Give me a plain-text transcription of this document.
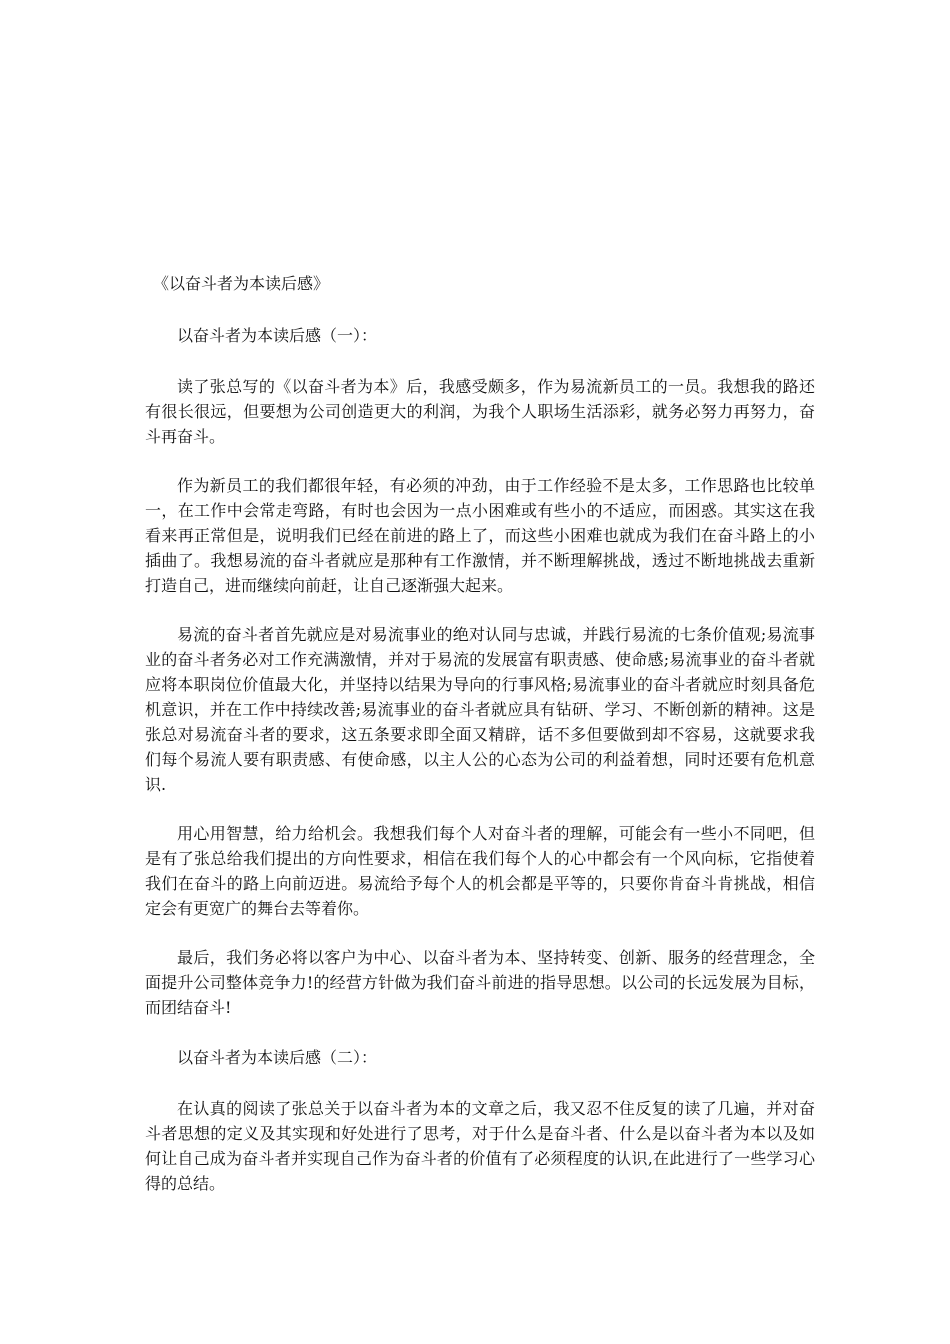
《以奋斗者为本读后感》

以奋斗者为本读后感（一）：

读了张总写的《以奋斗者为本》后，我感受颇多，作为易流新员工的一员。我想我的路还有很长很远，但要想为公司创造更大的利润，为我个人职场生活添彩，就务必努力再努力，奋斗再奋斗。

作为新员工的我们都很年轻，有必须的冲劲，由于工作经验不是太多，工作思路也比较单一，在工作中会常走弯路，有时也会因为一点小困难或有些小的不适应，而困惑。其实这在我看来再正常但是，说明我们已经在前进的路上了，而这些小困难也就成为我们在奋斗路上的小插曲了。我想易流的奋斗者就应是那种有工作激情，并不断理解挑战，透过不断地挑战去重新打造自己，进而继续向前赶，让自己逐渐强大起来。

易流的奋斗者首先就应是对易流事业的绝对认同与忠诚，并践行易流的七条价值观;易流事业的奋斗者务必对工作充满激情，并对于易流的发展富有职责感、使命感;易流事业的奋斗者就应将本职岗位价值最大化，并坚持以结果为导向的行事风格;易流事业的奋斗者就应时刻具备危机意识，并在工作中持续改善;易流事业的奋斗者就应具有钻研、学习、不断创新的精神。这是张总对易流奋斗者的要求，这五条要求即全面又精辟，话不多但要做到却不容易，这就要求我们每个易流人要有职责感、有使命感，以主人公的心态为公司的利益着想，同时还要有危机意识.

用心用智慧，给力给机会。我想我们每个人对奋斗者的理解，可能会有一些小不同吧，但是有了张总给我们提出的方向性要求，相信在我们每个人的心中都会有一个风向标，它指使着我们在奋斗的路上向前迈进。易流给予每个人的机会都是平等的，只要你肯奋斗肯挑战，相信定会有更宽广的舞台去等着你。

最后，我们务必将以客户为中心、以奋斗者为本、坚持转变、创新、服务的经营理念，全面提升公司整体竞争力!的经营方针做为我们奋斗前进的指导思想。以公司的长远发展为目标，而团结奋斗!

以奋斗者为本读后感（二）：

在认真的阅读了张总关于以奋斗者为本的文章之后，我又忍不住反复的读了几遍，并对奋斗者思想的定义及其实现和好处进行了思考，对于什么是奋斗者、什么是以奋斗者为本以及如何让自己成为奋斗者并实现自己作为奋斗者的价值有了必须程度的认识,在此进行了一些学习心得的总结。
